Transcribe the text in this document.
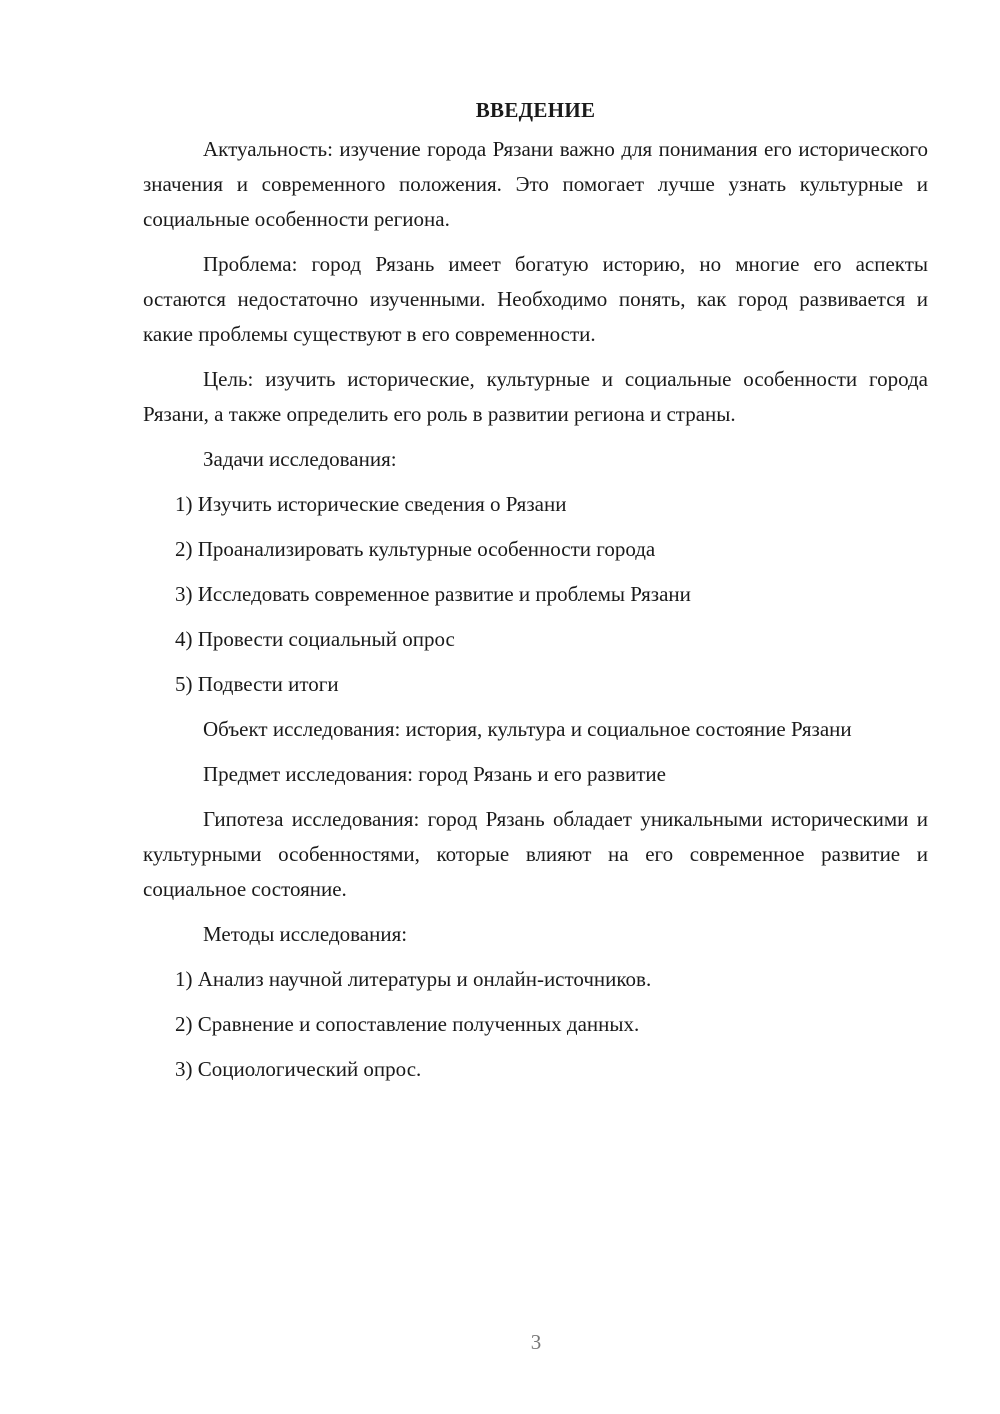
ВВЕДЕНИЕ

Актуальность: изучение города Рязани важно для понимания его исторического значения и современного положения. Это помогает лучше узнать культурные и социальные особенности региона.

Проблема: город Рязань имеет богатую историю, но многие его аспекты остаются недостаточно изученными. Необходимо понять, как город развивается и какие проблемы существуют в его современности.

Цель: изучить исторические, культурные и социальные особенности города Рязани, а также определить его роль в развитии региона и страны.

Задачи исследования:

1) Изучить исторические сведения о Рязани
2) Проанализировать культурные особенности города
3) Исследовать современное развитие и проблемы Рязани
4) Провести социальный опрос
5) Подвести итоги

Объект исследования: история, культура и социальное состояние Рязани

Предмет исследования: город Рязань и его развитие

Гипотеза исследования: город Рязань обладает уникальными историческими и культурными особенностями, которые влияют на его современное развитие и социальное состояние.

Методы исследования:

1) Анализ научной литературы и онлайн-источников.
2) Сравнение и сопоставление полученных данных.
3) Социологический опрос.
3
